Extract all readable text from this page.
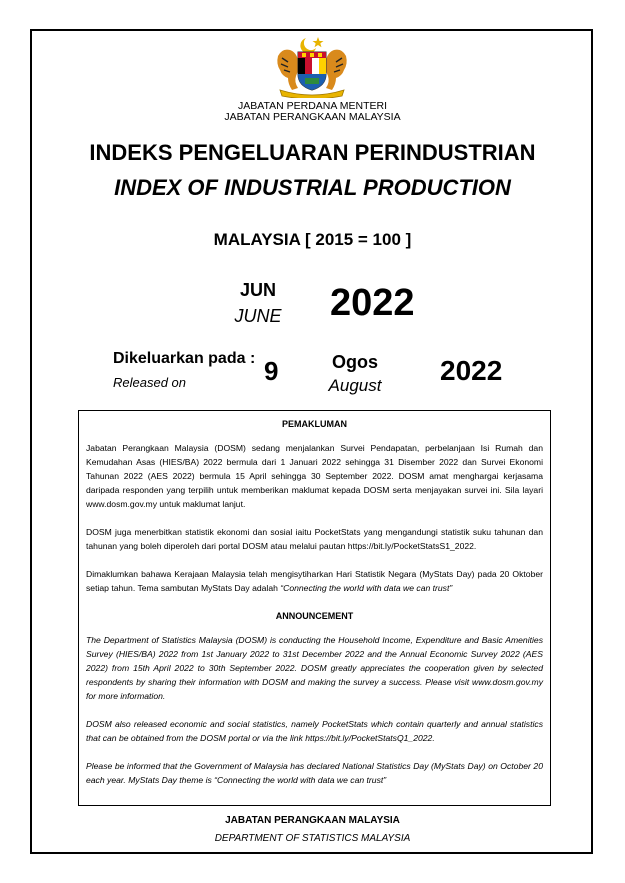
JABATAN PERDANA MENTERI
JABATAN PERANGKAAN MALAYSIA
INDEKS PENGELUARAN PERINDUSTRIAN
INDEX OF INDUSTRIAL PRODUCTION
MALAYSIA [ 2015 = 100 ]
JUN
JUNE	2022
Dikeluarkan pada :
Released on	9	Ogos
August	2022
PEMAKLUMAN

Jabatan Perangkaan Malaysia (DOSM) sedang menjalankan Survei Pendapatan, perbelanjaan Isi Rumah dan Kemudahan Asas (HIES/BA) 2022 bermula dari 1 Januari 2022 sehingga 31 Disember 2022 dan Survei Ekonomi Tahunan 2022 (AES 2022) bermula 15 April sehingga 30 September 2022. DOSM amat menghargai kerjasama daripada responden yang terpilih untuk memberikan maklumat kepada DOSM serta menjayakan survei ini. Sila layari www.dosm.gov.my untuk maklumat lanjut.

DOSM juga menerbitkan statistik ekonomi dan sosial iaitu PocketStats yang mengandungi statistik suku tahunan dan tahunan yang boleh diperoleh dari portal DOSM atau melalui pautan https://bit.ly/PocketStatsS1_2022.

Dimaklumkan bahawa Kerajaan Malaysia telah mengisytiharkan Hari Statistik Negara (MyStats Day) pada 20 Oktober setiap tahun. Tema sambutan MyStats Day adalah “Connecting the world with data we can trust”

ANNOUNCEMENT

The Department of Statistics Malaysia (DOSM) is conducting the Household Income, Expenditure and Basic Amenities Survey (HIES/BA) 2022 from 1st January 2022 to 31st December 2022 and the Annual Economic Survey 2022 (AES 2022) from 15th April 2022 to 30th September 2022. DOSM greatly appreciates the cooperation given by selected respondents by sharing their information with DOSM and making the survey a success. Please visit www.dosm.gov.my for more information.

DOSM also released economic and social statistics, namely PocketStats which contain quarterly and annual statistics that can be obtained from the DOSM portal or via the link https://bit.ly/PocketStatsQ1_2022.

Please be informed that the Government of Malaysia has declared National Statistics Day (MyStats Day) on October 20 each year. MyStats Day theme is “Connecting the world with data we can trust”

JABATAN PERANGKAAN MALAYSIA
DEPARTMENT OF STATISTICS MALAYSIA
